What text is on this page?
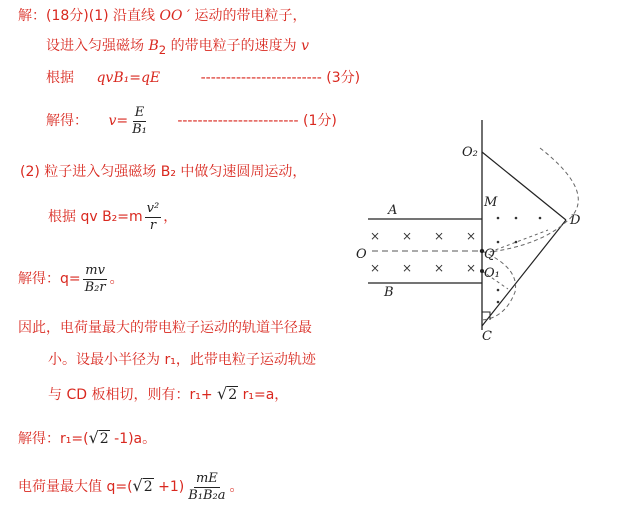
解：(18分)(1) 沿直线 OO ′ 运动的带电粒子，
设进入匀强磁场 $B_2$ 的带电粒子的速度为 v
根据 qvB₁=qE	------------------------ (3分)
解得： $v= \frac{E}{\text{B₁}}$ ------------------------ (1分)
(2) 粒子进入匀强磁场 B₂ 中做匀速圆周运动，
根据 qv $B_2=m \frac{\text{v²}}{r}$ ，
解得：$q= \frac{mv}{\text{B₂r}}$ 。
因此，电荷量最大的带电粒子运动的轨道半径最
小。设最小半径为 r₁，此带电粒子运动轨迹
与 CD 板相切，则有：r₁+ √2 r₁=a，
解得：r₁=(√2 -1)a。
电荷量最大值 $q=(√2 +1) \frac{mE}{\text{B₁B₂a}}$ 。
× × × ×
× × × ×
O₂
A
M
D
O	Q
O₁
B
C
